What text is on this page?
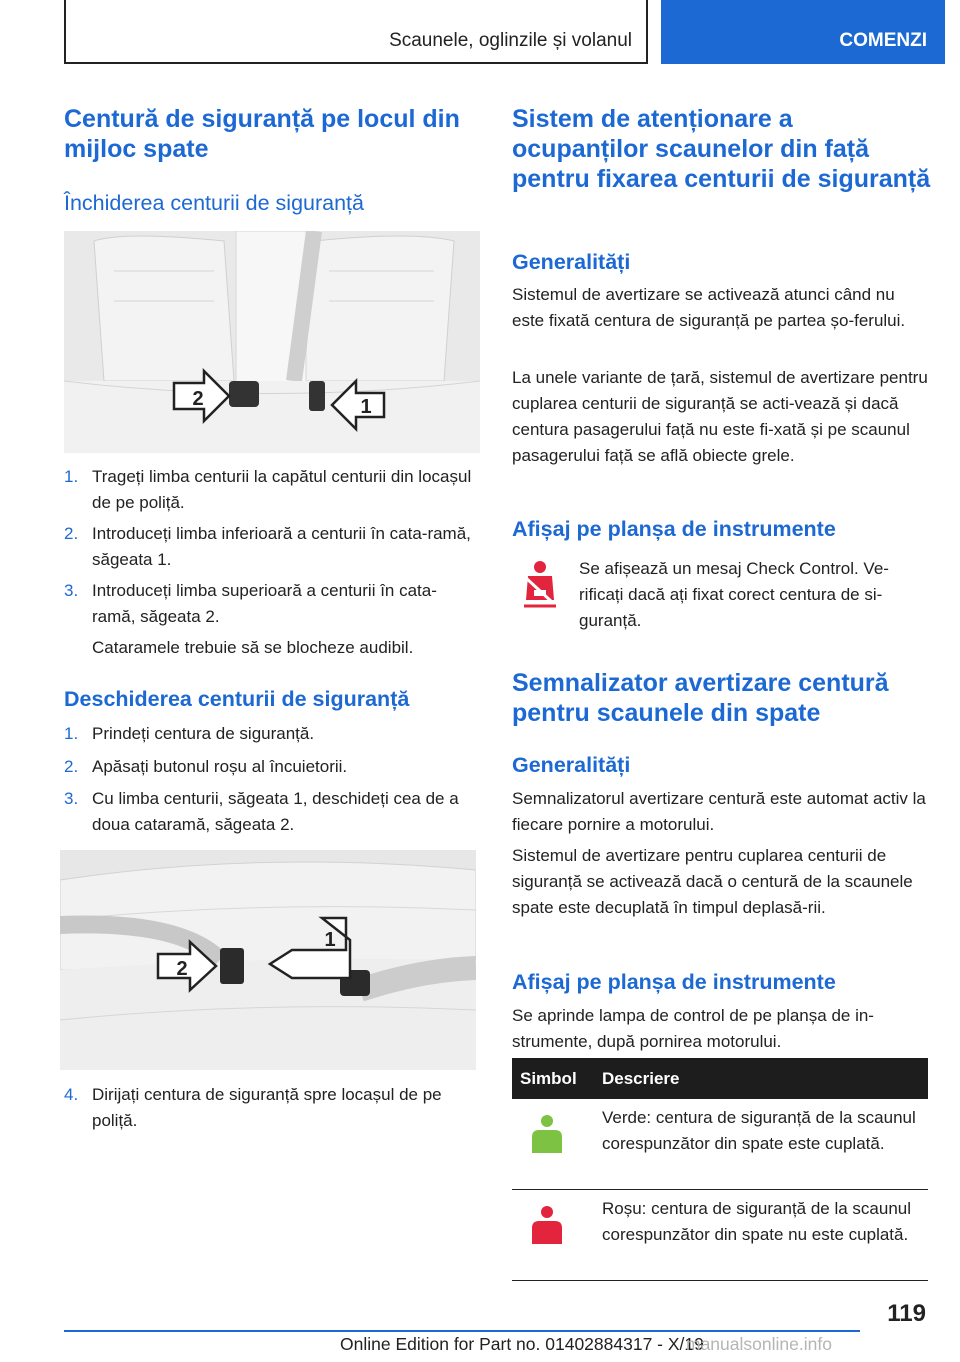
Scaunele, oglinzile și volanul	COMENZI
Centură de siguranță pe locul din mijloc spate
Închiderea centurii de siguranță
2	1
1. Trageți limba centurii la capătul centurii din locașul de pe poliță.
2. Introduceți limba inferioară a centurii în cata-ramă, săgeata 1.
3. Introduceți limba superioară a centurii în cata-ramă, săgeata 2.

Cataramele trebuie să se blocheze audibil.

Deschiderea centurii de siguranță
1. Prindeți centura de siguranță.
2. Apăsați butonul roșu al încuietorii.
3. Cu limba centurii, săgeata 1, deschideți cea de a doua cataramă, săgeata 2.
2
1
4. Dirijați centura de siguranță spre locașul de pe poliță.
Sistem de atenționare a ocupanților scaunelor din față pentru fixarea centurii de siguranță
Generalități

Sistemul de avertizare se activează atunci când nu este fixată centura de siguranță pe partea șo-ferului.

La unele variante de țară, sistemul de avertizare pentru cuplarea centurii de siguranță se acti-vează și dacă centura pasagerului față nu este fi-xată și pe scaunul pasagerului față se află obiecte grele.

Afișaj pe planșa de instrumente

Se afișează un mesaj Check Control. Ve-rificați dacă ați fixat corect centura de si-guranță.

Semnalizator avertizare centură pentru scaunele din spate
Generalități

Semnalizatorul avertizare centură este automat activ la fiecare pornire a motorului.

Sistemul de avertizare pentru cuplarea centurii de siguranță se activează dacă o centură de la scaunele spate este decuplată în timpul deplasă-rii.

Afișaj pe planșa de instrumente

Se aprinde lampa de control de pe planșa de in-strumente, după pornirea motorului.

Simbol Descriere
Verde: centura de siguranță de la scaunul corespunzător din spate este cuplată.
Roșu: centura de siguranță de la scaunul corespunzător din spate nu este cuplată.
119
Online Edition for Part no. 01402884317 - X/19
manualsonline.info
